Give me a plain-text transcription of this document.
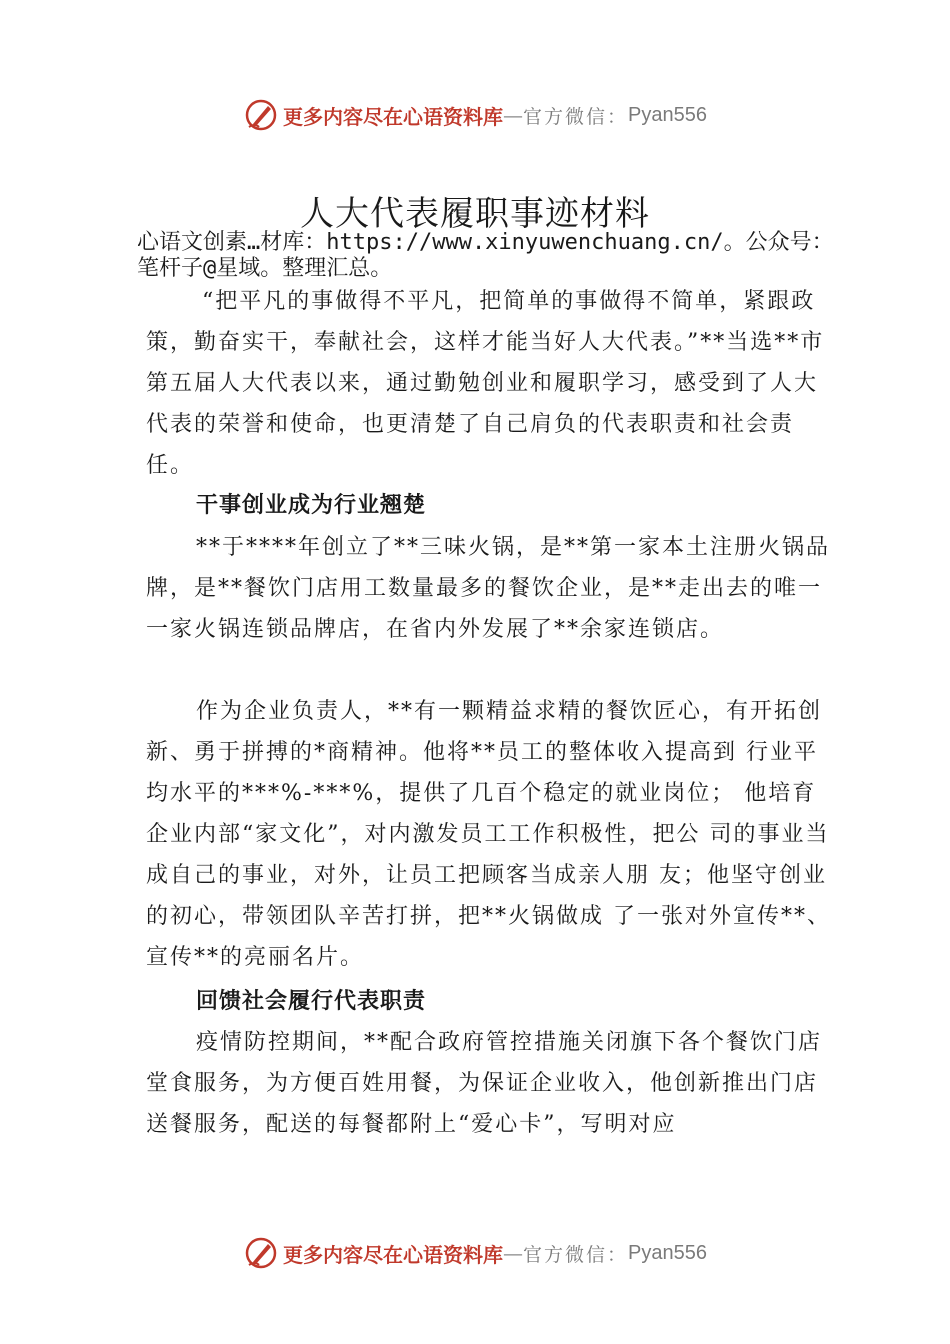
更多内容尽在心语资料库 — 官方微信： Pyan556
人大代表履职事迹材料

心语文创素…材库：https://www.xinyuwenchuang.cn/。公众号：笔杆子@星域。整理汇总。

“把平凡的事做得不平凡，把简单的事做得不简单，紧跟政策，勤奋实干，奉献社会，这样才能当好人大代表。”**当选**市第五届人大代表以来，通过勤勉创业和履职学习，感受到了人大代表的荣誉和使命，也更清楚了自己肩负的代表职责和社会责任。

干事创业成为行业翘楚

**于****年创立了**三味火锅，是**第一家本土注册火锅品牌，是**餐饮门店用工数量最多的餐饮企业，是**走出去的唯一一家火锅连锁品牌店，在省内外发展了**余家连锁店。

作为企业负责人，**有一颗精益求精的餐饮匠心，有开拓创新、勇于拼搏的*商精神。他将**员工的整体收入提高到 行业平均水平的***%-***%，提供了几百个稳定的就业岗位； 他培育企业内部“家文化”，对内激发员工工作积极性，把公 司的事业当成自己的事业，对外，让员工把顾客当成亲人朋 友；他坚守创业的初心，带领团队辛苦打拼，把**火锅做成 了一张对外宣传**、宣传**的亮丽名片。

回馈社会履行代表职责

疫情防控期间，**配合政府管控措施关闭旗下各个餐饮门店堂食服务，为方便百姓用餐，为保证企业收入，他创新推出门店送餐服务，配送的每餐都附上“爱心卡”，写明对应

更多内容尽在心语资料库 — 官方微信： Pyan556
